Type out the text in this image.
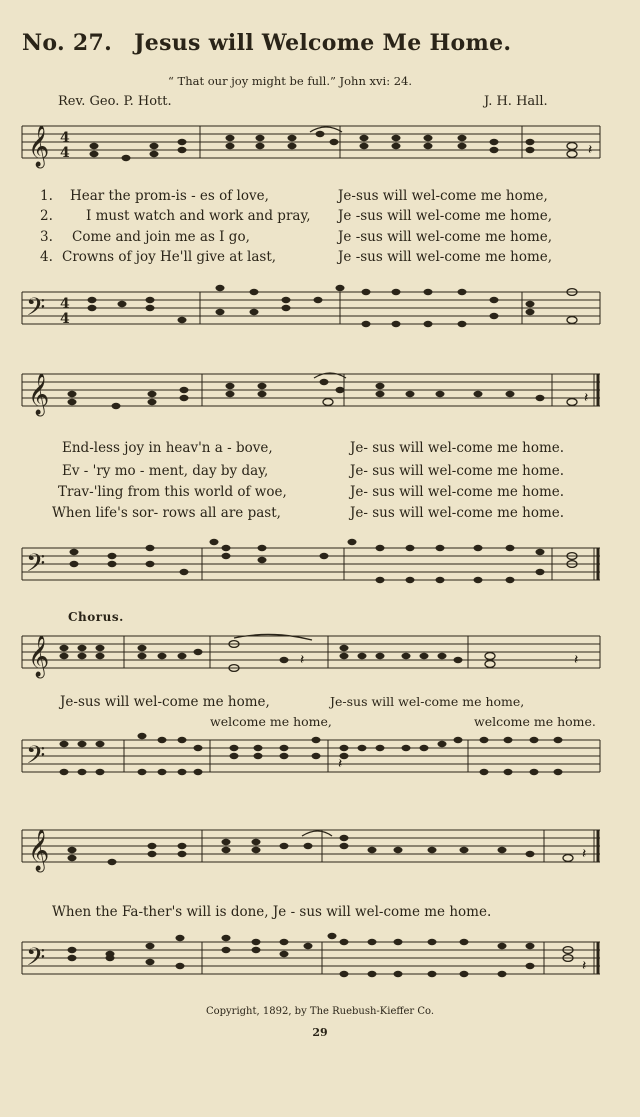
No. 27. Jesus will Welcome Me Home.
“ That our joy might be full.” John xvi: 24.
Rev. Geo. P. Hott.	J. H. Hall.
𝄞 4
4	𝄽
1. Hear the prom-is - es of love,	Je-sus will wel-come me home,
2. I must watch and work and pray, Je -sus will wel-come me home,
3. Come and join me as I go,	Je -sus will wel-come me home,
4. Crowns of joy He'll give at last,	Je -sus will wel-come me home,
𝄢 4
4
𝄞	𝄽
End-less joy in heav'n a - bove,	Je- sus will wel-come me home.
Ev - 'ry mo - ment, day by day,	Je- sus will wel-come me home.
Trav-'ling from this world of woe,	Je- sus will wel-come me home.
When life's sor- rows all are past,	Je- sus will wel-come me home.
𝄢
Chorus.
𝄞	𝄽	𝄽
Je-sus will wel-come me home,	Je-sus will wel-come me home,
welcome me home,	welcome me home.
𝄢	𝄽
𝄞	𝄽
When the Fa-ther's will is done, Je - sus will wel-come me home.
𝄢	𝄽
Copyright, 1892, by The Ruebush-Kieffer Co.
29
